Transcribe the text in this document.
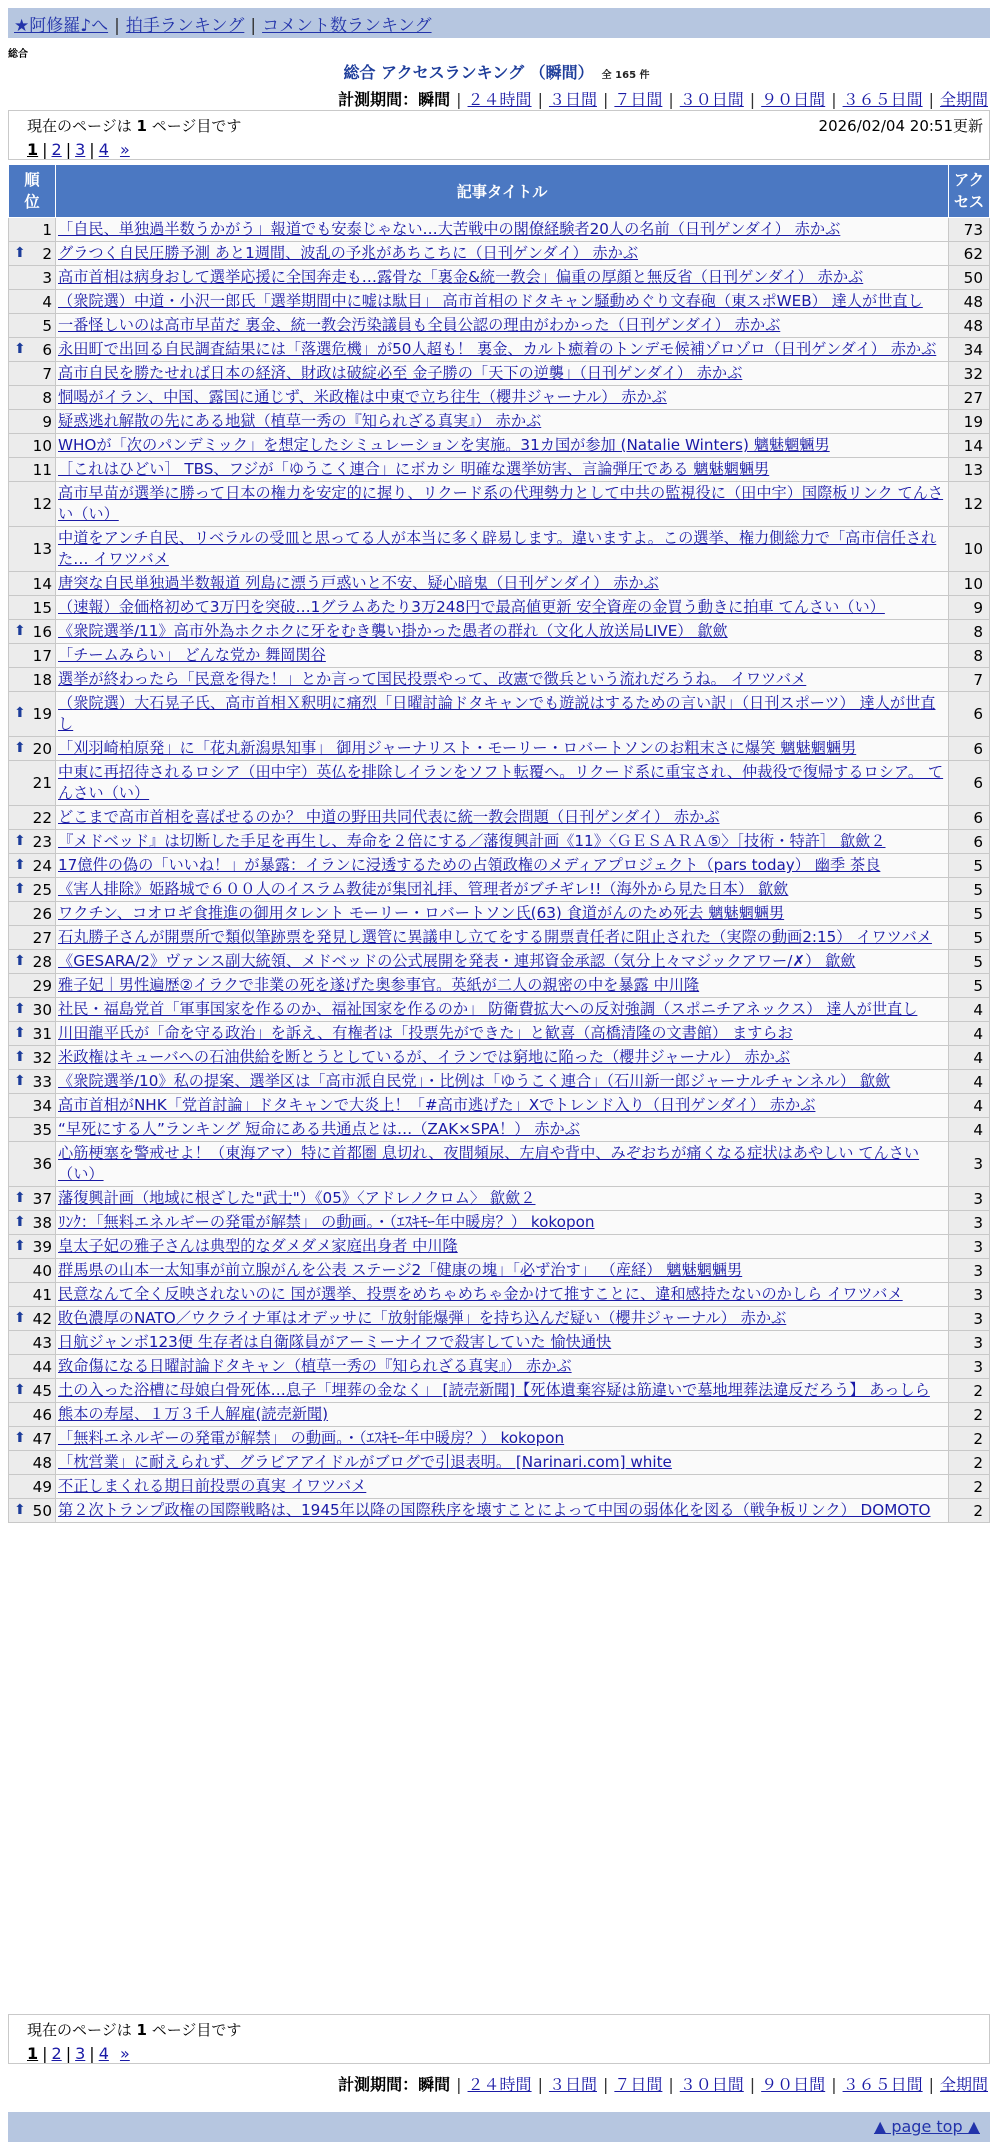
★阿修羅♪へ | 拍手ランキング | コメント数ランキング
総合
総合 アクセスランキング （瞬間） 全 165 件
計測期間：瞬間 | ２４時間 | ３日間 | ７日間 | ３０日間 | ９０日間 | ３６５日間 | 全期間
現在のページは 1 ページ目です	2026/02/04 20:51更新
1 | 2 | 3 | 4 »
順位	記事タイトル	アクセス
1	「自民、単独過半数うかがう」報道でも安泰じゃない…大苦戦中の閣僚経験者20人の名前（日刊ゲンダイ） 赤かぶ	73

⬆ 2	グラつく自民圧勝予測 あと1週間、波乱の予兆があちこちに（日刊ゲンダイ） 赤かぶ	62
3	高市首相は病身おして選挙応援に全国奔走も…露骨な「裏金&統一教会」偏重の厚顔と無反省（日刊ゲンダイ） 赤かぶ	50
4	（衆院選）中道・小沢一郎氏「選挙期間中に嘘は駄目」 高市首相のドタキャン騒動めぐり文春砲（東スポWEB） 達人が世直し	48
5	一番怪しいのは高市早苗だ 裏金、統一教会汚染議員も全員公認の理由がわかった（日刊ゲンダイ） 赤かぶ	48

⬆ 6	永田町で出回る自民調査結果には「落選危機」が50人超も！ 裏金、カルト癒着のトンデモ候補ゾロゾロ（日刊ゲンダイ） 赤かぶ	34
7	高市自民を勝たせれば日本の経済、財政は破綻必至 金子勝の「天下の逆襲」（日刊ゲンダイ） 赤かぶ	32
8	恫喝がイラン、中国、露国に通じず、米政権は中東で立ち往生（櫻井ジャーナル） 赤かぶ	27
9	疑惑逃れ解散の先にある地獄（植草一秀の『知られざる真実』） 赤かぶ	19
10	WHOが「次のパンデミック」を想定したシミュレーションを実施。31カ国が参加 (Natalie Winters) 魑魅魍魎男	14
11	［これはひどい］ TBS、フジが「ゆうこく連合」にボカシ 明確な選挙妨害、言論弾圧である 魑魅魍魎男	13
12	高市早苗が選挙に勝って日本の権力を安定的に握り、リクード系の代理勢力として中共の監視役に（田中宇）国際板リンク てんさい（い）	12
13	中道をアンチ自民、リベラルの受皿と思ってる人が本当に多く辟易します。違いますよ。この選挙、権力側総力で「高市信任された… イワツバメ	10
14	唐突な自民単独過半数報道 列島に漂う戸惑いと不安、疑心暗鬼（日刊ゲンダイ） 赤かぶ	10
15	（速報）金価格初めて3万円を突破…1グラムあたり3万248円で最高値更新 安全資産の金買う動きに拍車 てんさい（い）	9

⬆ 16	《衆院選挙/11》高市外為ホクホクに牙をむき襲い掛かった愚者の群れ（文化人放送局LIVE） 歙歛	8
17	「チームみらい」 どんな党か 舞岡関谷	8
18	選挙が終わったら「民意を得た！」とか言って国民投票やって、改憲で徴兵という流れだろうね。 イワツバメ	7

⬆ 19	（衆院選）大石晃子氏、高市首相Ｘ釈明に痛烈「日曜討論ドタキャンでも遊説はするための言い訳」（日刊スポーツ） 達人が世直し	6

⬆ 20	「刈羽崎柏原発」に「花丸新潟県知事」 御用ジャーナリスト・モーリー・ロバートソンのお粗末さに爆笑 魑魅魍魎男	6
21	中東に再招待されるロシア（田中宇）英仏を排除しイランをソフト転覆へ。リクード系に重宝され、仲裁役で復帰するロシア。 てんさい（い）	6
22	どこまで高市首相を喜ばせるのか？ 中道の野田共同代表に統一教会問題（日刊ゲンダイ） 赤かぶ	6

⬆ 23	『メドベッド』は切断した手足を再生し、寿命を２倍にする／藩復興計画《11》〈ＧＥＳＡＲＡ⑤〉［技術・特許］ 歙歛２	6

⬆ 24	17億件の偽の「いいね！」が暴露：イランに浸透するための占領政権のメディアプロジェクト（pars today） 幽季 茶良	5

⬆ 25	《害人排除》姫路城で６００人のイスラム教徒が集団礼拝、管理者がブチギレ!!（海外から見た日本） 歙歛	5
26	ワクチン、コオロギ食推進の御用タレント モーリー・ロバートソン氏(63) 食道がんのため死去 魑魅魍魎男	5
27	石丸勝子さんが開票所で類似筆跡票を発見し選管に異議申し立てをする開票責任者に阻止された（実際の動画2:15） イワツバメ	5

⬆ 28	《GESARA/2》ヴァンス副大統領、メドベッドの公式展開を発表・連邦資金承認（気分上々マジックアワー/✗） 歙歛	5
29	雅子妃｜男性遍歴②イラクで非業の死を遂げた奥参事官。英紙が二人の親密の中を暴露 中川隆	5

⬆ 30	社民・福島党首「軍事国家を作るのか、福祉国家を作るのか」 防衛費拡大への反対強調（スポニチアネックス） 達人が世直し	4

⬆ 31	川田龍平氏が「命を守る政治」を訴え、有権者は「投票先ができた」と歓喜（高橋清隆の文書館） ますらお	4

⬆ 32	米政権はキューバへの石油供給を断とうとしているが、イランでは窮地に陥った（櫻井ジャーナル） 赤かぶ	4

⬆ 33	《衆院選挙/10》私の提案、選挙区は「高市派自民党」・比例は「ゆうこく連合」（石川新一郎ジャーナルチャンネル） 歙歛	4
34	高市首相がNHK「党首討論」ドタキャンで大炎上！「#高市逃げた」Xでトレンド入り（日刊ゲンダイ） 赤かぶ	4
35	“早死にする人”ランキング 短命にある共通点とは…（ZAK×SPA！） 赤かぶ	4
36	心筋梗塞を警戒せよ！（東海アマ）特に首都圏 息切れ、夜間頻尿、左肩や背中、みぞおちが痛くなる症状はあやしい てんさい（い）	3

⬆ 37	藩復興計画（地域に根ざした"武士"）《05》〈アドレノクロム〉 歙歛２	3

⬆ 38	ﾘﾝｸ：「無料エネルギーの発電が解禁」 の動画。・（ｴｽｷﾓｰ年中暖房？） kokopon	3

⬆ 39	皇太子妃の雅子さんは典型的なダメダメ家庭出身者 中川隆	3
40	群馬県の山本一太知事が前立腺がんを公表 ステージ2「健康の塊」「必ず治す」 （産経） 魑魅魍魎男	3
41	民意なんて全く反映されないのに 国が選挙、投票をめちゃめちゃ金かけて推すことに、違和感持たないのかしら イワツバメ	3

⬆ 42	敗色濃厚のNATO／ウクライナ軍はオデッサに「放射能爆弾」を持ち込んだ疑い（櫻井ジャーナル） 赤かぶ	3
43	日航ジャンボ123便 生存者は自衛隊員がアーミーナイフで殺害していた 愉快通快	3
44	致命傷になる日曜討論ドタキャン（植草一秀の『知られざる真実』） 赤かぶ	3

⬆ 45	土の入った浴槽に母娘白骨死体…息子「埋葬の金なく」 [読売新聞]【死体遺棄容疑は筋違いで墓地埋葬法違反だろう】 あっしら	2
46	熊本の寿屋、１万３千人解雇(読売新聞)	2

⬆ 47	「無料エネルギーの発電が解禁」 の動画。・（ｴｽｷﾓｰ年中暖房？） kokopon	2
48	「枕営業」に耐えられず、グラビアアイドルがブログで引退表明。 [Narinari.com] white	2
49	不正しまくれる期日前投票の真実 イワツバメ	2

⬆ 50	第２次トランプ政権の国際戦略は、1945年以降の国際秩序を壊すことによって中国の弱体化を図る（戦争板リンク） DOMOTO	2
現在のページは 1 ページ目です
1 | 2 | 3 | 4 »
計測期間：瞬間 | ２４時間 | ３日間 | ７日間 | ３０日間 | ９０日間 | ３６５日間 | 全期間
▲ page top ▲
